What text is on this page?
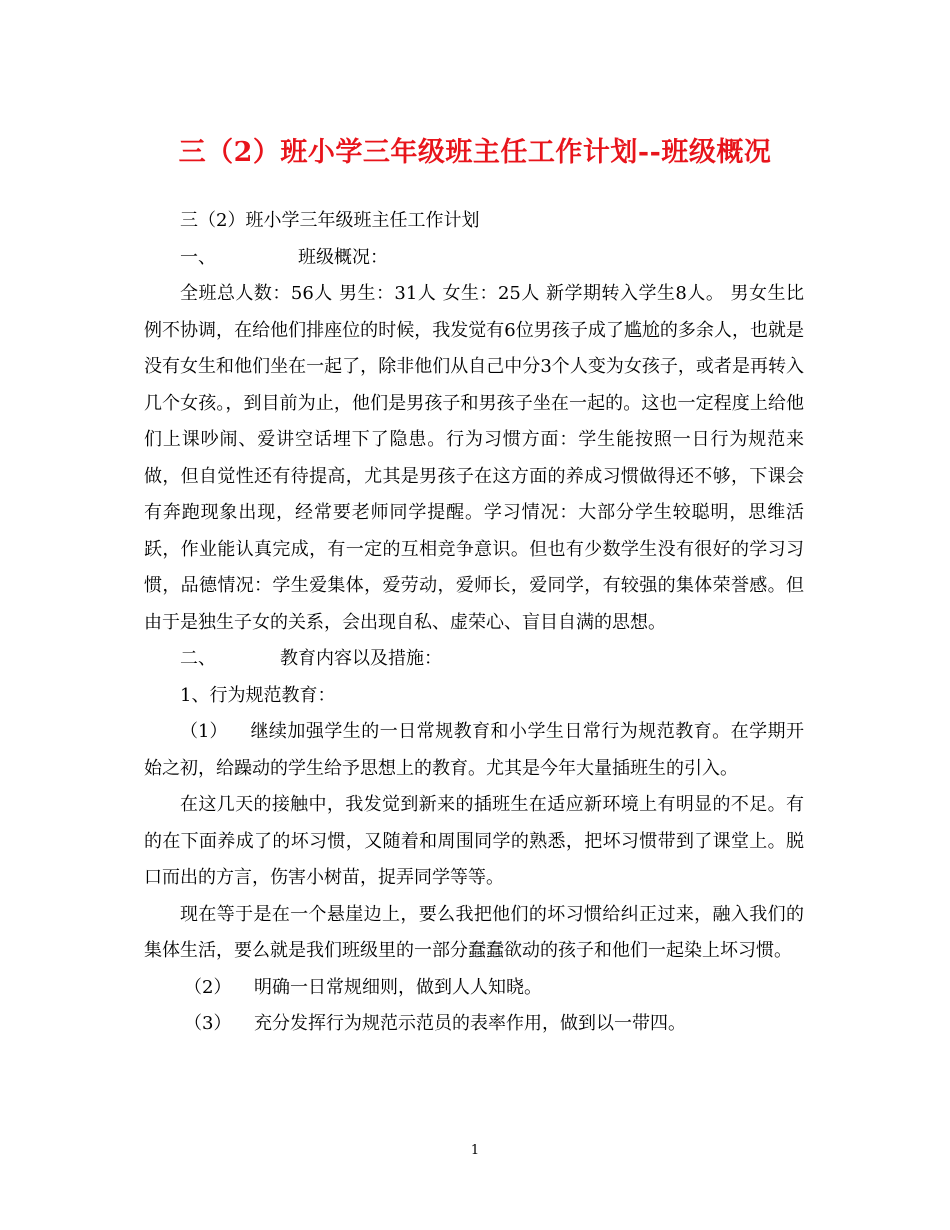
三（2）班小学三年级班主任工作计划--班级概况

三（2）班小学三年级班主任工作计划

一、	班级概况：

全班总人数：56人 男生：31人 女生：25人 新学期转入学生8人。 男女生比例不协调，在给他们排座位的时候，我发觉有6位男孩子成了尴尬的多余人，也就是没有女生和他们坐在一起了，除非他们从自己中分3个人变为女孩子，或者是再转入几个女孩。，到目前为止，他们是男孩子和男孩子坐在一起的。这也一定程度上给他们上课吵闹、爱讲空话埋下了隐患。行为习惯方面：学生能按照一日行为规范来做，但自觉性还有待提高，尤其是男孩子在这方面的养成习惯做得还不够，下课会有奔跑现象出现，经常要老师同学提醒。学习情况：大部分学生较聪明，思维活跃，作业能认真完成，有一定的互相竞争意识。但也有少数学生没有很好的学习习惯，品德情况：学生爱集体，爱劳动，爱师长，爱同学，有较强的集体荣誉感。但由于是独生子女的关系，会出现自私、虚荣心、盲目自满的思想。

二、	教育内容以及措施：

1、行为规范教育：

（1） 继续加强学生的一日常规教育和小学生日常行为规范教育。在学期开始之初，给躁动的学生给予思想上的教育。尤其是今年大量插班生的引入。

在这几天的接触中，我发觉到新来的插班生在适应新环境上有明显的不足。有的在下面养成了的坏习惯，又随着和周围同学的熟悉，把坏习惯带到了课堂上。脱口而出的方言，伤害小树苗，捉弄同学等等。

现在等于是在一个悬崖边上，要么我把他们的坏习惯给纠正过来，融入我们的集体生活，要么就是我们班级里的一部分蠢蠢欲动的孩子和他们一起染上坏习惯。

（2） 明确一日常规细则，做到人人知晓。

（3） 充分发挥行为规范示范员的表率作用，做到以一带四。

1
